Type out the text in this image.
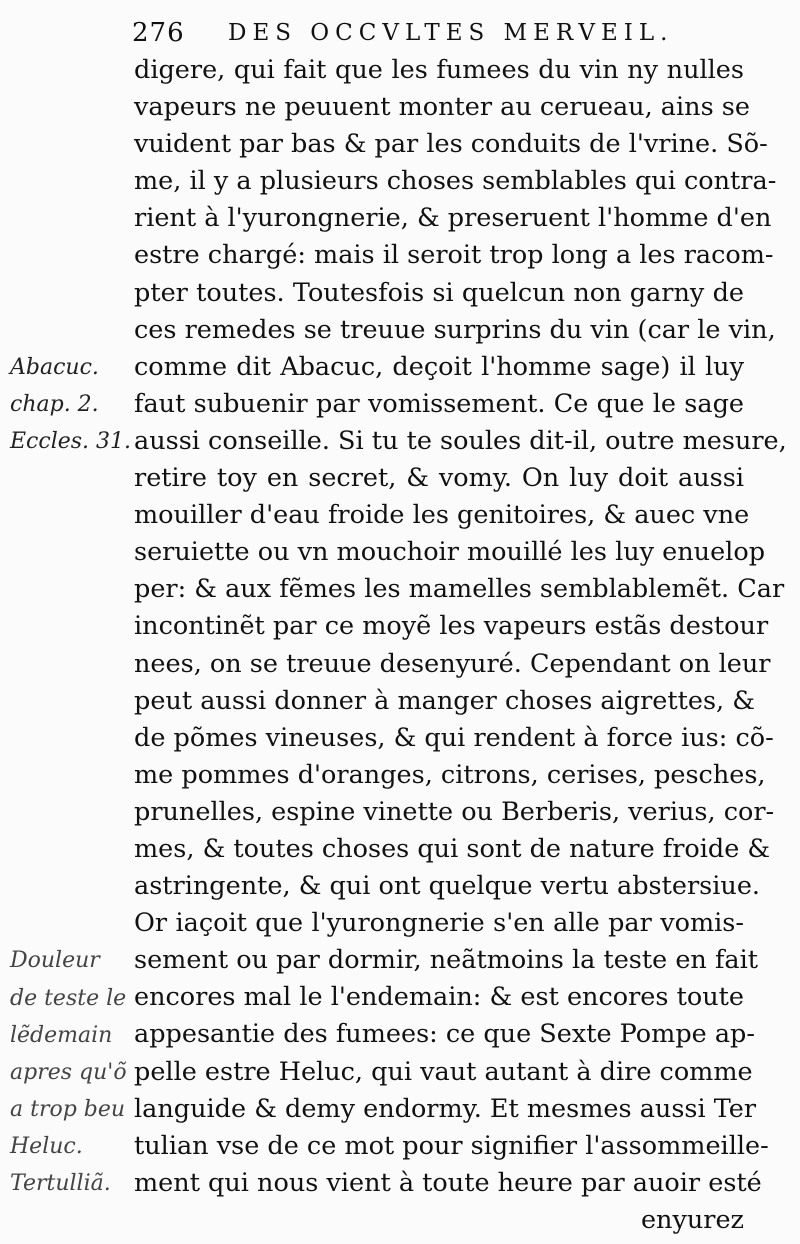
276 DES OCCVLTES MERVEIL.
Abacuc.
chap. 2.
Eccles. 31.
Douleur
de teste le
lẽdemain
apres qu'õ
a trop beu
Heluc.
Tertulliã.
digere, qui fait que les fumees du vin ny nulles
vapeurs ne peuuent monter au cerueau, ains se
vuident par bas & par les conduits de l'vrine. Sõ-
me, il y a plusieurs choses semblables qui contra-
rient à l'yurongnerie, & preseruent l'homme d'en
estre chargé: mais il seroit trop long a les racom-
pter toutes. Toutesfois si quelcun non garny de
ces remedes se treuue surprins du vin (car le vin,
comme dit Abacuc, deçoit l'homme sage) il luy
faut subuenir par vomissement. Ce que le sage
aussi conseille. Si tu te soules dit-il, outre mesure,
retire toy en secret, & vomy. On luy doit aussi
mouiller d'eau froide les genitoires, & auec vne
seruiette ou vn mouchoir mouillé les luy enuelop
per: & aux fẽmes les mamelles semblablemẽt. Car
incontinẽt par ce moyẽ les vapeurs estãs destour
nees, on se treuue desenyuré. Cependant on leur
peut aussi donner à manger choses aigrettes, &
de põmes vineuses, & qui rendent à force ius: cõ-
me pommes d'oranges, citrons, cerises, pesches,
prunelles, espine vinette ou Berberis, verius, cor-
mes, & toutes choses qui sont de nature froide &
astringente, & qui ont quelque vertu abstersiue.
Or iaçoit que l'yurongnerie s'en alle par vomis-
sement ou par dormir, neãtmoins la teste en fait
encores mal le l'endemain: & est encores toute
appesantie des fumees: ce que Sexte Pompe ap-
pelle estre Heluc, qui vaut autant à dire comme
languide & demy endormy. Et mesmes aussi Ter
tulian vse de ce mot pour signifier l'assommeille-
ment qui nous vient à toute heure par auoir esté
enyurez
